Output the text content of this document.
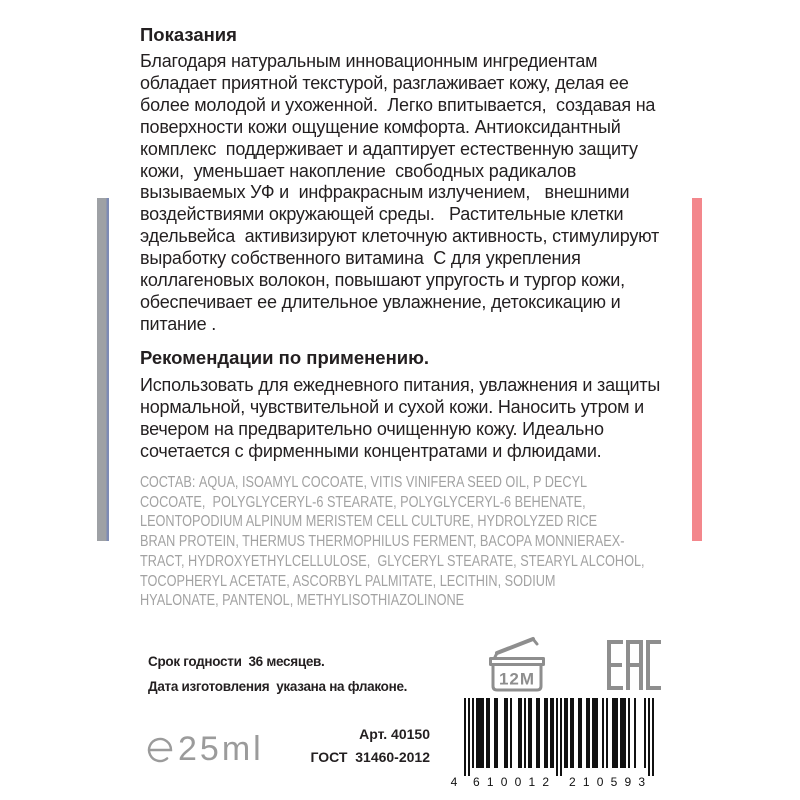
Показания
Благодаря натуральным инновационным ингредиентам
обладает приятной текстурой, разглаживает кожу, делая ее
более молодой и ухоженной.  Легко впитывается,  создавая на
поверхности кожи ощущение комфорта. Антиоксидантный
комплекс  поддерживает и адаптирует естественную защиту
кожи,  уменьшает накопление  свободных радикалов
вызываемых УФ и  инфракрасным излучением,   внешними
воздействиями окружающей среды.   Растительные клетки
эдельвейса  активизируют клеточную активность, стимулируют
выработку собственного витамина  С для укрепления
коллагеновых волокон, повышают упругость и тургор кожи,
обеспечивает ее длительное увлажнение, детоксикацию и
питание .
Рекомендации по применению.
Использовать для ежедневного питания, увлажнения и защиты
нормальной, чувствительной и сухой кожи. Наносить утром и
вечером на предварительно очищенную кожу. Идеально
сочетается с фирменными концентратами и флюидами.
СОСТАВ: AQUA, ISOAMYL COCOATE, VITIS VINIFERA SEED OIL, P DECYL
COCOATE,  POLYGLYCERYL-6 STEARATE, POLYGLYCERYL-6 BEHENATE,
LEONTOPODIUM ALPINUM MERISTEM CELL CULTURE, HYDROLYZED RICE
BRAN PROTEIN, THERMUS THERMOPHILUS FERMENT, BACOPA MONNIERAEX-
TRACT, HYDROXYETHYLCELLULOSE,  GLYCERYL STEARATE, STEARYL ALCOHOL,
TOCOPHERYL ACETATE, ASCORBYL PALMITATE, LECITHIN, SODIUM
HYALONATE, PANTENOL, METHYLISOTHIAZOLINONE
Срок годности  36 месяцев.
Дата изготовления  указана на флаконе.	12M
25ml	Арт. 40150
ГОСТ  31460-2012
4 610012 210593
